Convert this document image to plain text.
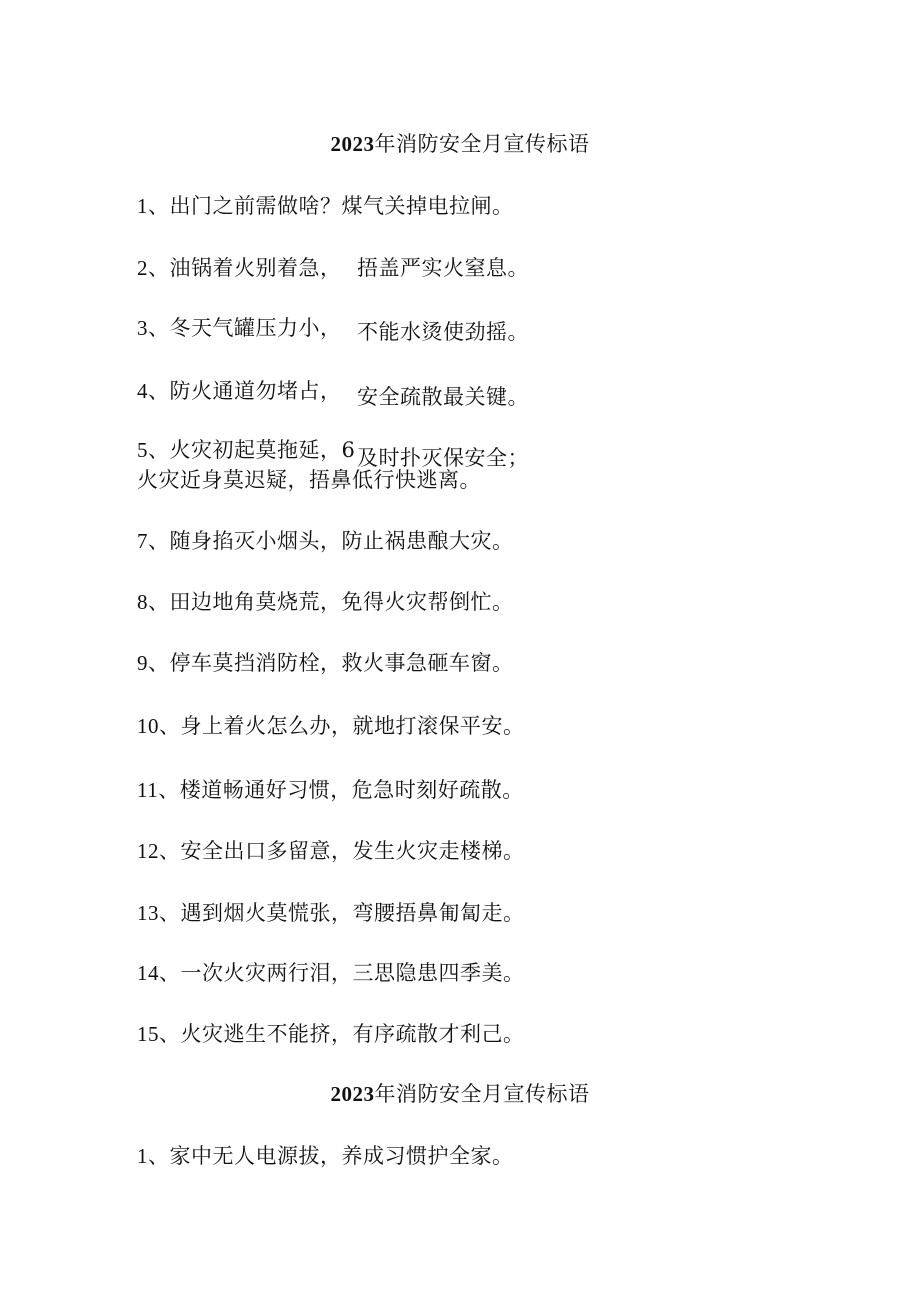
2023年消防安全月宣传标语
1、出门之前需做啥？煤气关掉电拉闸。
2、油锅着火别着急， 捂盖严实火窒息。
3、冬天气罐压力小， 不能水烫使劲摇。
4、防火通道勿堵占， 安全疏散最关键。
5、火灾初起莫拖延，6 及时扑灭保安全；
火灾近身莫迟疑，捂鼻低行快逃离。
7、随身掐灭小烟头，防止祸患酿大灾。
8、田边地角莫烧荒，免得火灾帮倒忙。
9、停车莫挡消防栓，救火事急砸车窗。
10、身上着火怎么办，就地打滚保平安。
11、楼道畅通好习惯，危急时刻好疏散。
12、安全出口多留意，发生火灾走楼梯。
13、遇到烟火莫慌张，弯腰捂鼻匍匐走。
14、一次火灾两行泪，三思隐患四季美。
15、火灾逃生不能挤，有序疏散才利己。
2023年消防安全月宣传标语
1、家中无人电源拔，养成习惯护全家。
